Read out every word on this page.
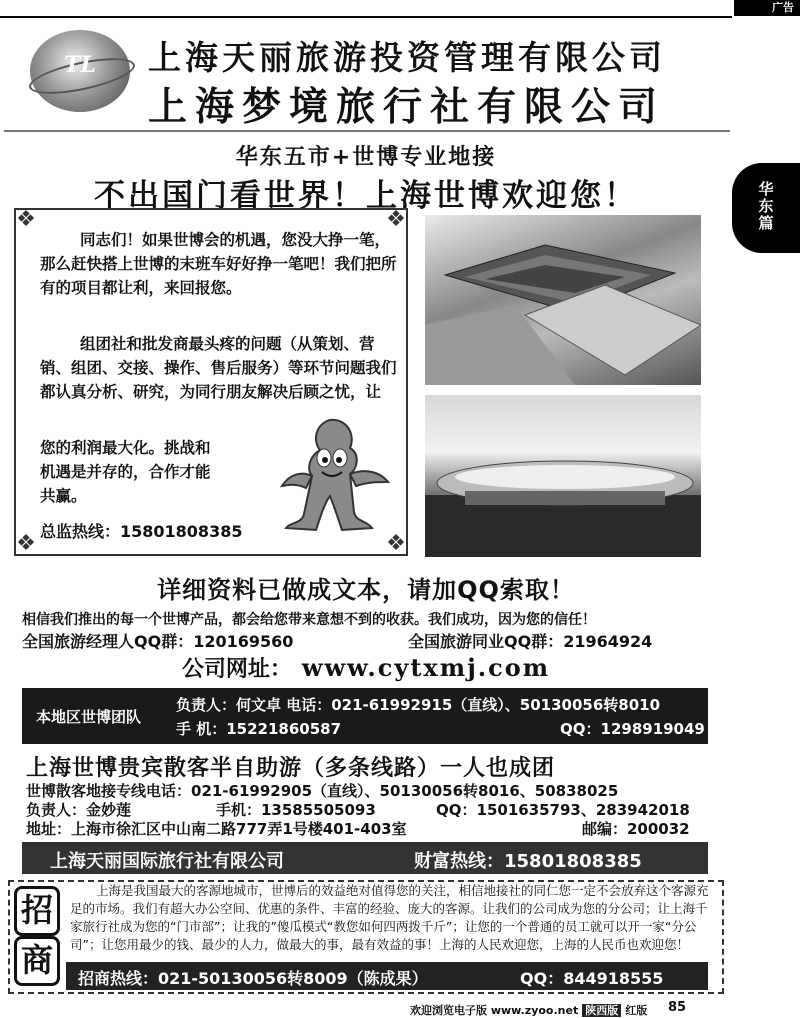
广告
华
东
篇
TL 上海天丽旅游投资管理有限公司
上海梦境旅行社有限公司
华东五市+世博专业地接
不出国门看世界！上海世博欢迎您！
❖	❖
❖	❖
同志们！如果世博会的机遇，您没大挣一笔，那么赶快搭上世博的末班车好好挣一笔吧！我们把所有的项目都让利，来回报您。
组团社和批发商最头疼的问题（从策划、营销、组团、交接、操作、售后服务）等环节问题我们都认真分析、研究，为同行朋友解决后顾之忧，让
您的利润最大化。挑战和
机遇是并存的，合作才能
共赢。
总监热线：15801808385
详细资料已做成文本，请加QQ索取！
相信我们推出的每一个世博产品，都会给您带来意想不到的收获。我们成功，因为您的信任！
全国旅游经理人QQ群：120169560	全国旅游同业QQ群：21964924
公司网址： www.cytxmj.com
本地区世博团队
负责人：何文卓 电话：021-61992915（直线）、50130056转8010
手 机：15221860587	QQ：1298919049
上海世博贵宾散客半自助游（多条线路）一人也成团
世博散客地接专线电话：021-61992905（直线）、50130056转8016、50838025
负责人：金妙莲	手机：13585505093	QQ：1501635793、283942018
地址：上海市徐汇区中山南二路777弄1号楼401-403室	邮编：200032
上海天丽国际旅行社有限公司	财富热线：15801808385
招
商
上海是我国最大的客源地城市，世博后的效益绝对值得您的关注，相信地接社的同仁您一定不会放弃这个客源充足的市场。我们有超大办公空间、优惠的条件、丰富的经验、庞大的客源。让我们的公司成为您的分公司；让上海千家旅行社成为您的“门市部”；让我的”傻瓜模式“教您如何四两拨千斤”；让您的一个普通的员工就可以开一家“分公司”；让您用最少的钱、最少的人力，做最大的事，最有效益的事！上海的人民欢迎您，上海的人民币也欢迎您！
招商热线：021-50130056转8009（陈成果）	QQ：844918555
欢迎浏览电子版 www.zyoo.net 陕西版 红版 85
